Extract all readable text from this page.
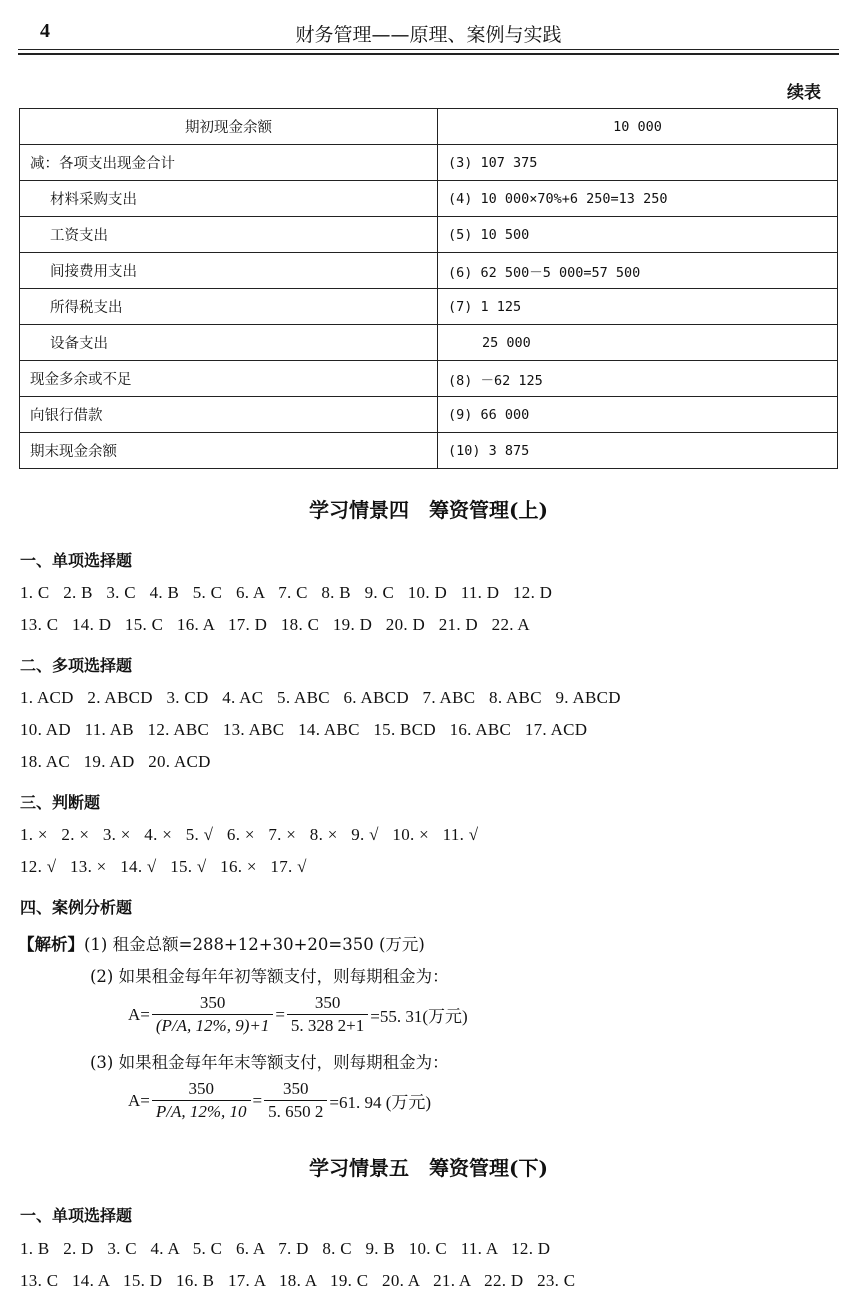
4	财务管理——原理、案例与实践
续表
期初现金余额	10 000
减：各项支出现金合计	(3) 107 375
材料采购支出	(4) 10 000×70%+6 250=13 250
工资支出	(5) 10 500
间接费用支出	(6) 62 500－5 000=57 500
所得税支出	(7) 1 125
设备支出	25 000
现金多余或不足	(8) －62 125
向银行借款	(9) 66 000
期末现金余额	(10) 3 875
学习情景四　筹资管理(上)
一、单项选择题
1. C   2. B   3. C   4. B   5. C   6. A   7. C   8. B   9. C   10. D   11. D   12. D
13. C   14. D   15. C   16. A   17. D   18. C   19. D   20. D   21. D   22. A
二、多项选择题
1. ACD   2. ABCD   3. CD   4. AC   5. ABC   6. ABCD   7. ABC   8. ABC   9. ABCD
10. AD   11. AB   12. ABC   13. ABC   14. ABC   15. BCD   16. ABC   17. ACD
18. AC   19. AD   20. ACD
三、判断题
1. ×   2. ×   3. ×   4. ×   5. √   6. ×   7. ×   8. ×   9. √   10. ×   11. √
12. √   13. ×   14. √   15. √   16. ×   17. √
四、案例分析题
【解析】(1) 租金总额=288+12+30+20=350 (万元)
(2) 如果租金每年年初等额支付，则每期租金为：
$A= \frac{350}{(P/A, 12\%, 9)+1} = \frac{350}{5. 328 2+1} =55$. 31(万元)
(3) 如果租金每年年末等额支付，则每期租金为：
$A= \frac{350}{P/A, 12\%, 10} = \frac{350}{5. 650 2} =61$. 94 (万元)
学习情景五　筹资管理(下)
一、单项选择题
1. B   2. D   3. C   4. A   5. C   6. A   7. D   8. C   9. B   10. C   11. A   12. D
13. C   14. A   15. D   16. B   17. A   18. A   19. C   20. A   21. A   22. D   23. C
